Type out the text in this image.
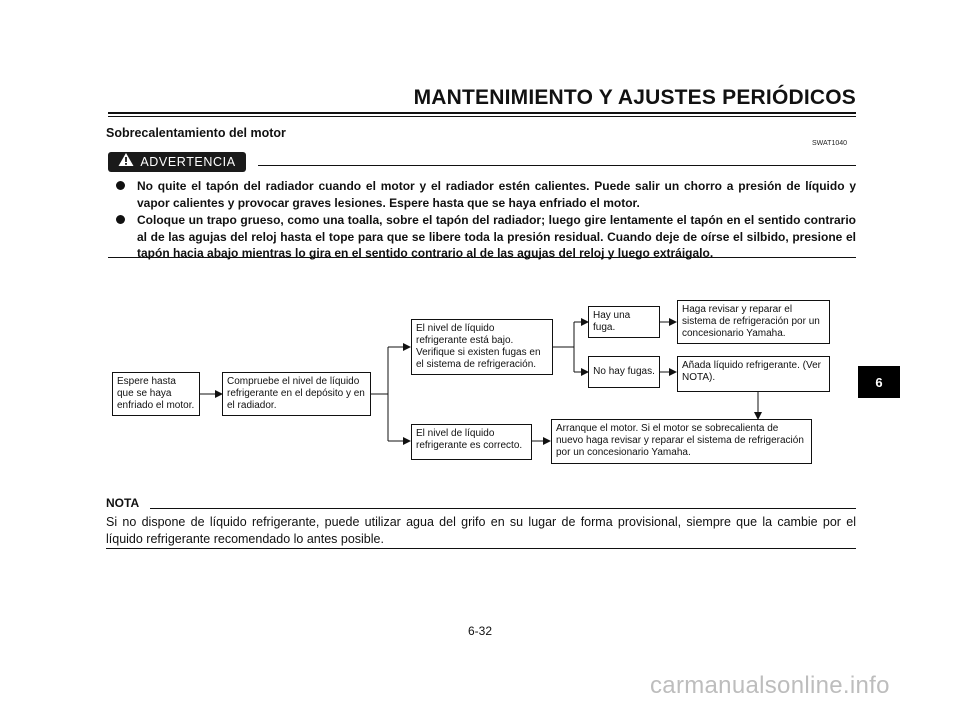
MANTENIMIENTO Y AJUSTES PERIÓDICOS
Sobrecalentamiento del motor
SWAT1040
ADVERTENCIA
No quite el tapón del radiador cuando el motor y el radiador estén calientes. Puede salir un chorro a presión de líquido y vapor calientes y provocar graves lesiones. Espere hasta que se haya enfriado el motor.
Coloque un trapo grueso, como una toalla, sobre el tapón del radiador; luego gire lentamente el tapón en el sentido contrario al de las agujas del reloj hasta el tope para que se libere toda la presión residual. Cuando deje de oírse el silbido, presione el tapón hacia abajo mientras lo gira en el sentido contrario al de las agujas del reloj y luego extráigalo.
Espere hasta que se haya enfriado el motor.
Compruebe el nivel de líquido refrigerante en el depósito y en el radiador.
El nivel de líquido refrigerante está bajo. Verifique si existen fugas en el sistema de refrigeración.
El nivel de líquido refrigerante es correcto.
Hay una fuga.
No hay fugas.
Haga revisar y reparar el sistema de refrigeración por un concesionario Yamaha.
Añada líquido refrigerante. (Ver NOTA).
Arranque el motor. Si el motor se sobrecalienta de nuevo haga revisar y reparar el sistema de refrigeración por un concesionario Yamaha.
NOTA
Si no dispone de líquido refrigerante, puede utilizar agua del grifo en su lugar de forma provisional, siempre que la cambie por el líquido refrigerante recomendado lo antes posible.
6
6-32
carmanualsonline.info
